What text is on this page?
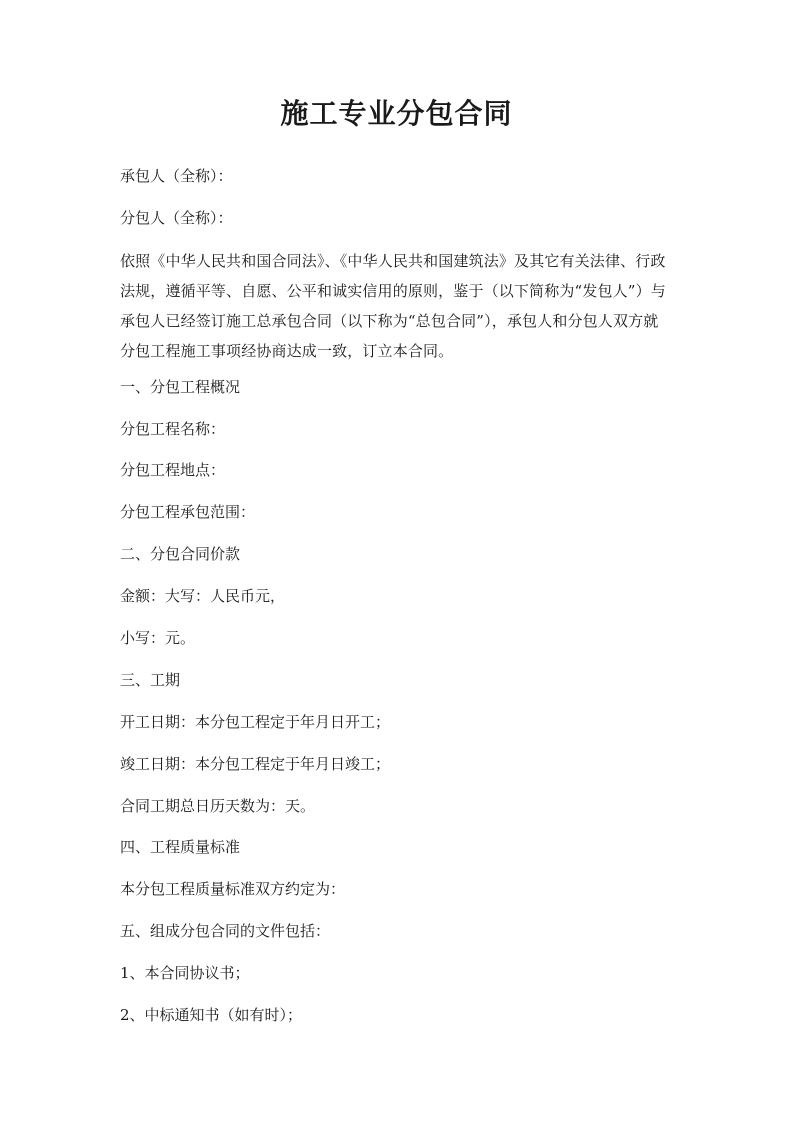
施工专业分包合同
承包人（全称）：
分包人（全称）：
依照《中华人民共和国合同法》、《中华人民共和国建筑法》及其它有关法律、行政
法规，遵循平等、自愿、公平和诚实信用的原则，鉴于（以下简称为“发包人”）与
承包人已经签订施工总承包合同（以下称为“总包合同”），承包人和分包人双方就
分包工程施工事项经协商达成一致，订立本合同。
一、分包工程概况
分包工程名称：
分包工程地点：
分包工程承包范围：
二、分包合同价款
金额：大写：人民币元，
小写：元。
三、工期
开工日期：本分包工程定于年月日开工；
竣工日期：本分包工程定于年月日竣工；
合同工期总日历天数为：天。
四、工程质量标准
本分包工程质量标准双方约定为：
五、组成分包合同的文件包括：
1、本合同协议书；
2、中标通知书（如有时）；
